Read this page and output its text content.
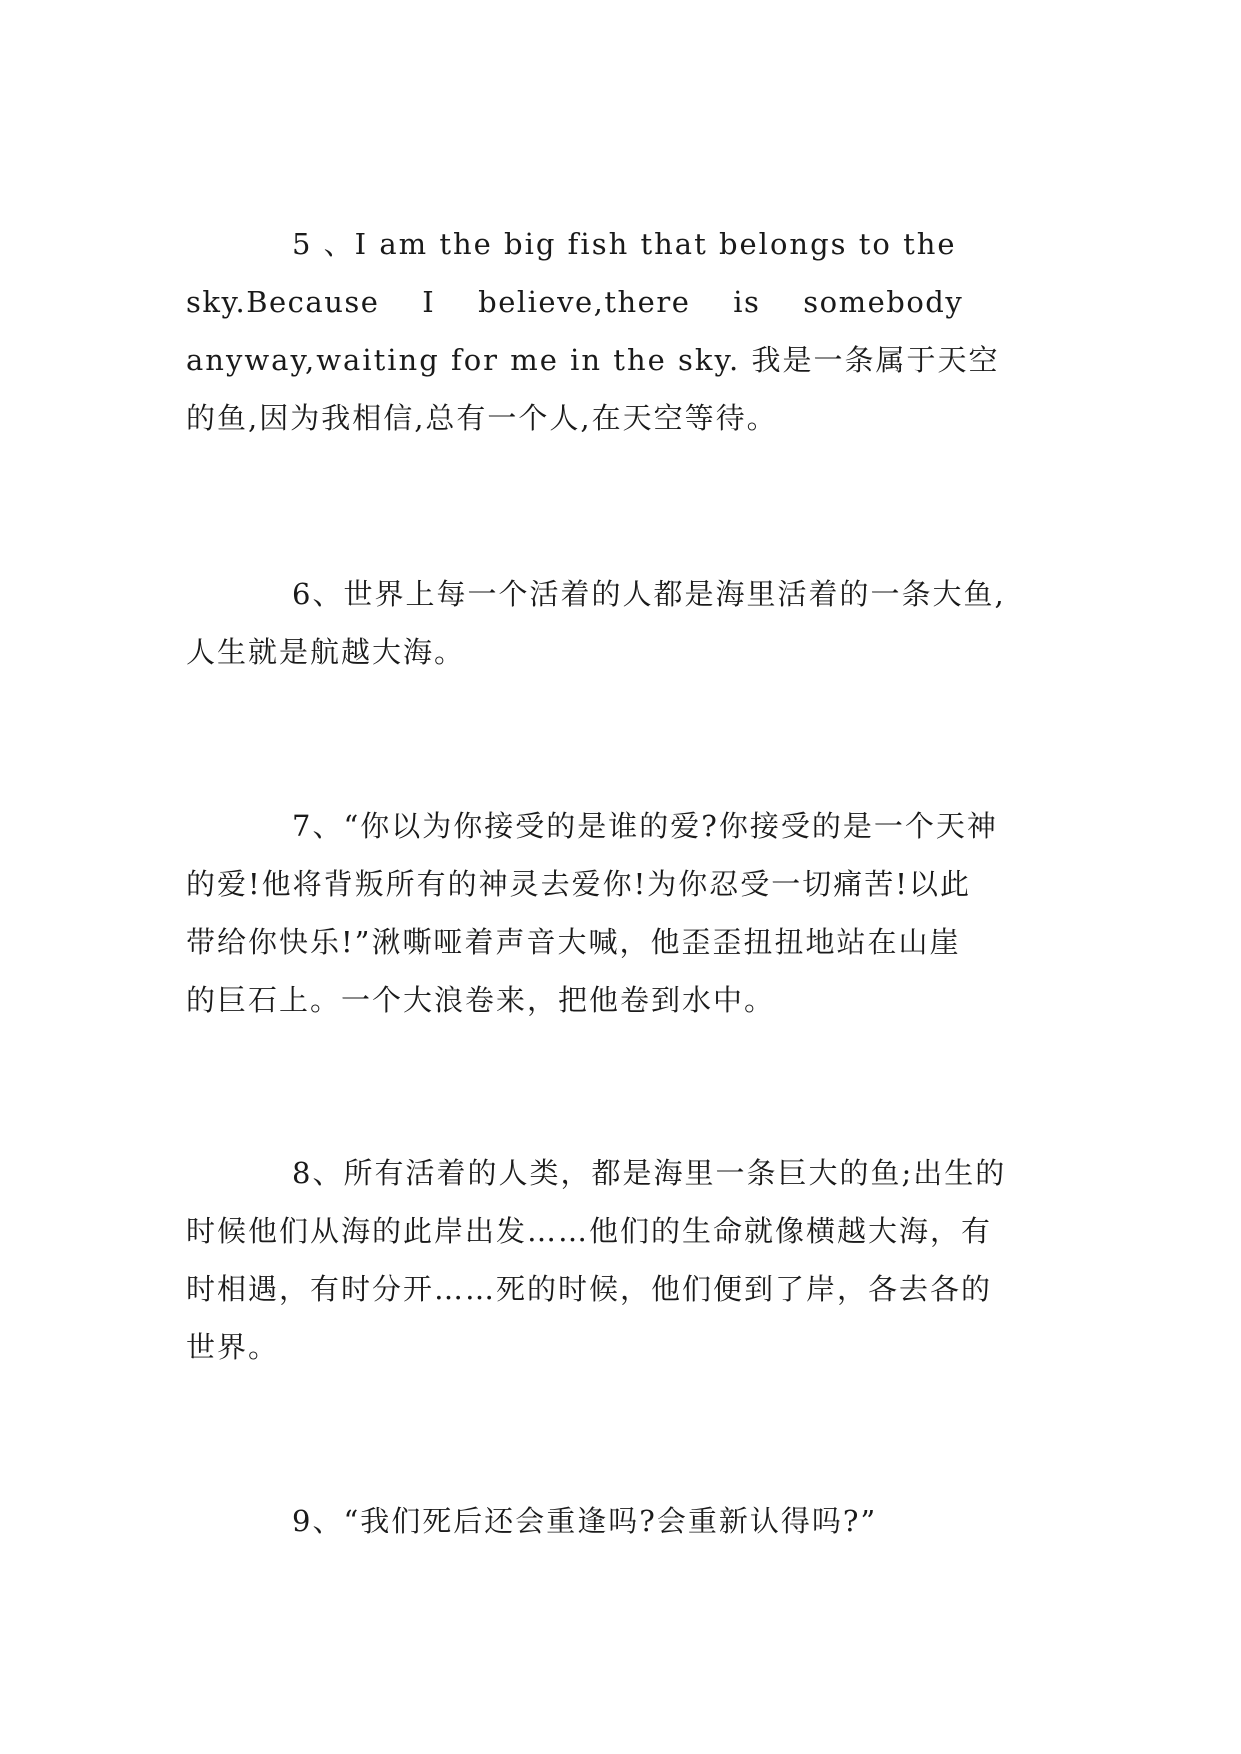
5 、I am the big fish that belongs to the
sky.Because    I    believe,there    is    somebody
anyway,waiting for me in the sky. 我是一条属于天空
的鱼,因为我相信,总有一个人,在天空等待。

6、世界上每一个活着的人都是海里活着的一条大鱼,
人生就是航越大海。

7、“你以为你接受的是谁的爱?你接受的是一个天神
的爱!他将背叛所有的神灵去爱你!为你忍受一切痛苦!以此
带给你快乐!”湫嘶哑着声音大喊，他歪歪扭扭地站在山崖
的巨石上。一个大浪卷来，把他卷到水中。

8、所有活着的人类，都是海里一条巨大的鱼;出生的
时候他们从海的此岸出发……他们的生命就像横越大海，有
时相遇，有时分开……死的时候，他们便到了岸，各去各的
世界。

9、“我们死后还会重逢吗?会重新认得吗?”
